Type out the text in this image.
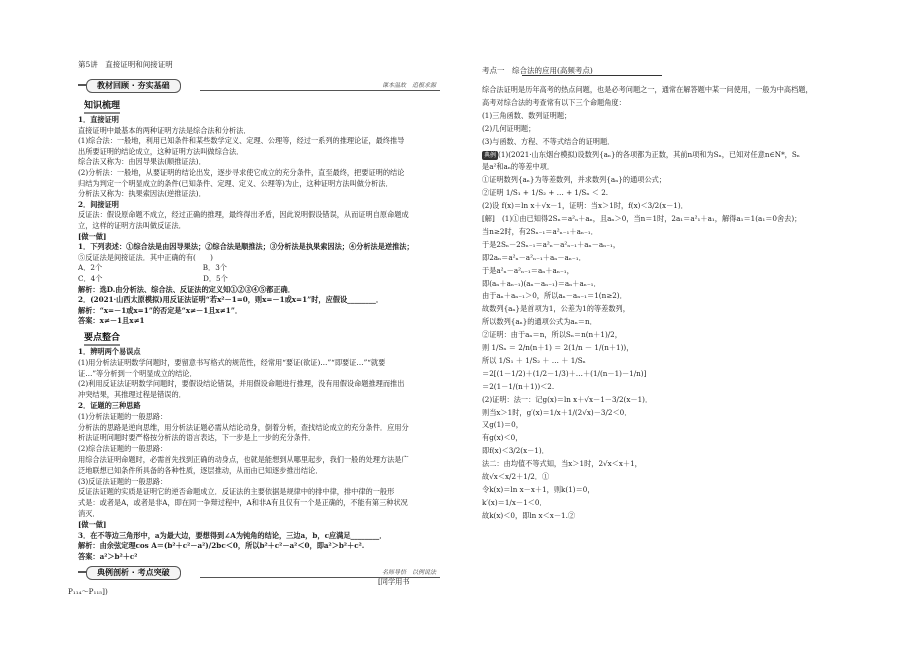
第5讲　直接证明和间接证明
教材回顾 · 夯实基础	课本温故　追根求源
知识梳理
1．直接证明
直接证明中最基本的两种证明方法是综合法和分析法．
(1)综合法：一般地，利用已知条件和某些数学定义、定理、公理等，经过一系列的推理论证，最终推导
出所要证明的结论成立，这种证明方法叫做综合法．
综合法又称为：由因导果法(顺推证法)．
(2)分析法：一般地，从要证明的结论出发，逐步寻求使它成立的充分条件，直至最终，把要证明的结论
归结为判定一个明显成立的条件(已知条件、定理、定义、公理等)为止，这种证明方法叫做分析法．
分析法又称为：执果索因法(逆推证法)．
2．间接证明
反证法：假设原命题不成立，经过正确的推理，最终得出矛盾，因此说明假设错误，从而证明自原命题成
立，这样的证明方法叫做反证法．
[做一做]
1．下列表述：①综合法是由因导果法；②综合法是顺推法；③分析法是执果索因法；④分析法是逆推法；
⑤反证法是间接证法．其中正确的有(　　)
A．2个　　　　　　　　　　　　　　B．3个
C．4个　　　　　　　　　　　　　　D．5个
解析：选D.由分析法、综合法、反证法的定义知①②③④⑤都正确．
2．(2021·山西太原模拟)用反证法证明“若x²－1=0，则x=－1或x=1”时，应假设________．
解析：“x=－1或x=1”的否定是“x≠－1且x≠1”．
答案：x≠－1且x≠1
要点整合
1．辨明两个易误点
(1)用分析法证明数学问题时，要留意书写格式的规范性，经常用“要证(欲证)…”“即要证…”“就要
证…”等分析到一个明显成立的结论．
(2)利用反证法证明数学问题时，要假设结论错误，并用假设命题进行推理，没有用假设命题推理而推出
冲突结果，其推理过程是错误的．
2．证题的三种思路
(1)分析法证题的一般思路：
分析法的思路是逆向思维，用分析法证题必需从结论动身，倒着分析，查找结论成立的充分条件．应用分
析法证明问题时要严格按分析法的语言表达，下一步是上一步的充分条件．
(2)综合法证题的一般思路：
用综合法证明命题时，必需首先找到正确的动身点，也就是能想到从哪里起步，我们一般的处理方法是广
泛地联想已知条件所具备的各种性质，逐层推动，从而由已知逐步推出结论．
(3)反证法证题的一般思路：
反证法证题的实质是证明它的逆否命题成立．反证法的主要依据是规律中的排中律，排中律的一般形
式是：或者是A，或者是非A，即在同一争辩过程中，A和非A有且仅有一个是正确的，不能有第三种状况
消灭．
[做一做]
3．在不等边三角形中，a为最大边，要想得到∠A为钝角的结论，三边a，b，c应满足________．
解析：由余弦定理cos A＝(b²＋c²－a²)/2bc＜0，所以b²＋c²－a²＜0，即a²＞b²＋c².
答案：a²＞b²＋c²
典例剖析 · 考点突破	名师导悟　以例说法
[同学用书
P₁₁₄～P₁₁₅])
考点一　综合法的应用(高频考点)
综合法证明是历年高考的热点问题，也是必考问题之一，通常在解答题中某一问使用，一般为中高档题，
高考对综合法的考查常有以下三个命题角度：
(1)三角函数、数列证明题；
(2)几何证明题；
(3)与函数、方程、不等式结合的证明题．
典例 (1)(2021·山东烟台模拟)设数列{aₙ}的各项都为正数，其前n项和为Sₙ，已知对任意n∈N*，Sₙ
是a²和aₙ的等差中项．
①证明数列{aₙ}为等差数列，并求数列{aₙ}的通项公式；
②证明 1/S₁ + 1/S₂ + … + 1/Sₙ ＜ 2.
(2)设 f(x)＝ln x＋√x－1，证明：当x＞1时，f(x)＜3/2(x－1)．
[解]　(1)①由已知得2Sₙ＝a²ₙ＋aₙ，且aₙ＞0，当n＝1时，2a₁＝a²₁＋a₁，解得a₁＝1(a₁＝0舍去)；
当n≥2时，有2Sₙ₋₁＝a²ₙ₋₁＋aₙ₋₁．
于是2Sₙ－2Sₙ₋₁＝a²ₙ－a²ₙ₋₁＋aₙ－aₙ₋₁，
即2aₙ＝a²ₙ－a²ₙ₋₁＋aₙ－aₙ₋₁．
于是a²ₙ－a²ₙ₋₁＝aₙ＋aₙ₋₁，
即(aₙ＋aₙ₋₁)(aₙ－aₙ₋₁)＝aₙ＋aₙ₋₁．
由于aₙ＋aₙ₋₁＞0，所以aₙ－aₙ₋₁＝1(n≥2)．
故数列{aₙ}是首项为1，公差为1的等差数列，
所以数列{aₙ}的通项公式为aₙ＝n．
②证明：由于aₙ＝n，所以Sₙ＝n(n＋1)/2，
则 1/Sₙ ＝ 2/n(n＋1) ＝ 2(1/n － 1/(n＋1))，
所以 1/S₁ ＋ 1/S₂ ＋ … ＋ 1/Sₙ
＝2[(1－1/2)＋(1/2－1/3)＋…＋(1/(n－1)－1/n)]
＝2(1－1/(n＋1))＜2.
(2)证明：法一：记g(x)＝ln x＋√x－1－3/2(x－1)．
则当x＞1时，g′(x)＝1/x＋1/(2√x)－3/2＜0．
又g(1)＝0，
有g(x)＜0，
即f(x)＜3/2(x－1)．
法二：由均值不等式知，当x＞1时，2√x＜x＋1，
故√x＜x/2＋1/2．①
令k(x)＝ln x－x＋1，则k(1)＝0，
k′(x)＝1/x－1＜0．
故k(x)＜0，即ln x＜x－1.②
